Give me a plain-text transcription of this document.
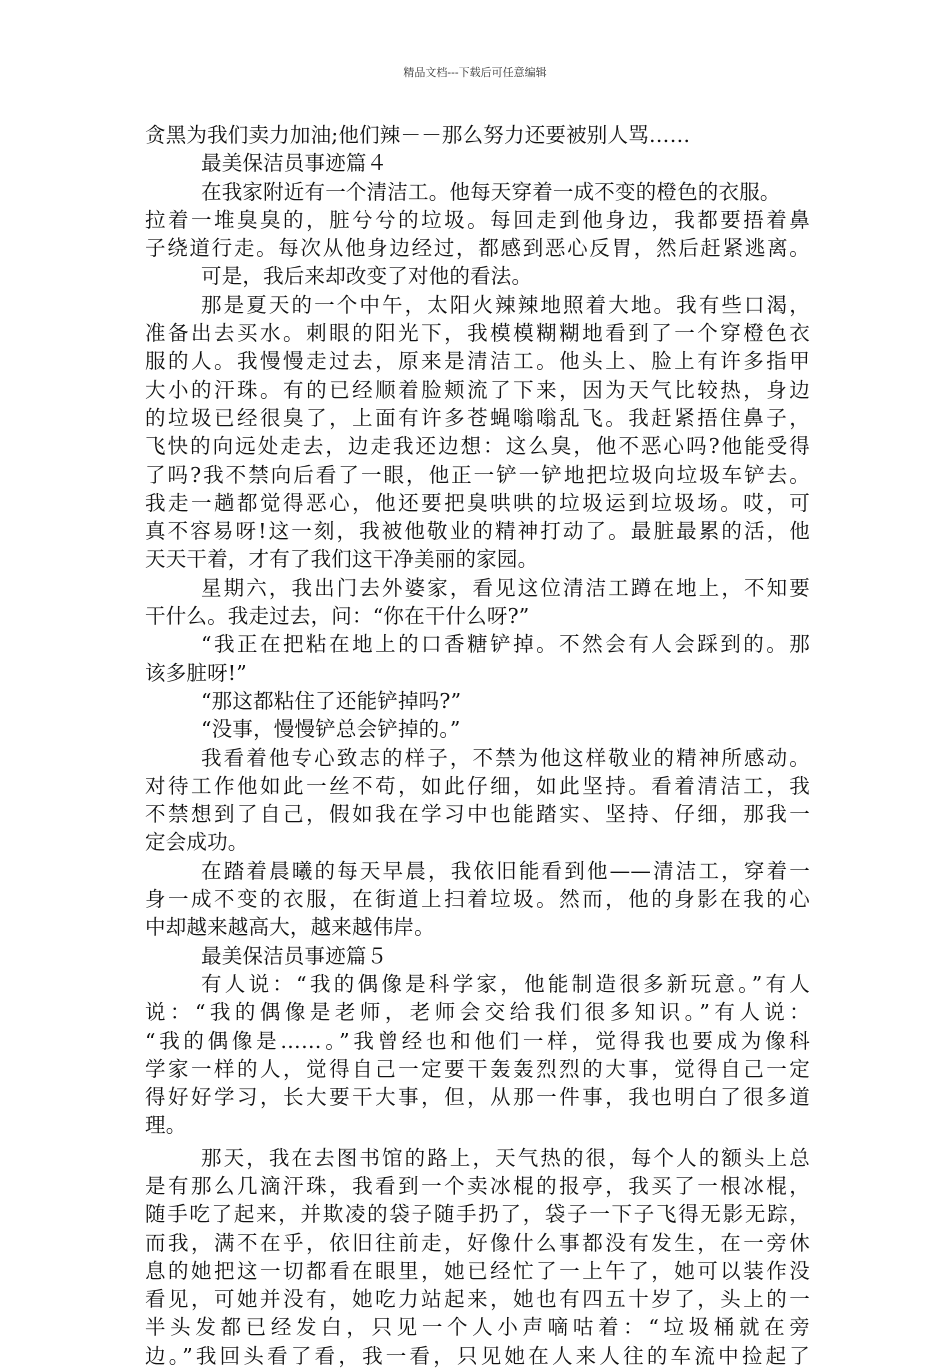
精品文档---下载后可任意编辑
贪黑为我们卖力加油;他们辣－－那么努力还要被别人骂……
最美保洁员事迹篇４
在我家附近有一个清洁工。他每天穿着一成不变的橙色的衣服。
拉着一堆臭臭的，脏兮兮的垃圾。每回走到他身边，我都要捂着鼻
子绕道行走。每次从他身边经过，都感到恶心反胃，然后赶紧逃离。
可是，我后来却改变了对他的看法。
那是夏天的一个中午，太阳火辣辣地照着大地。我有些口渴，
准备出去买水。刺眼的阳光下，我模模糊糊地看到了一个穿橙色衣
服的人。我慢慢走过去，原来是清洁工。他头上、脸上有许多指甲
大小的汗珠。有的已经顺着脸颊流了下来，因为天气比较热，身边
的垃圾已经很臭了，上面有许多苍蝇嗡嗡乱飞。我赶紧捂住鼻子，
飞快的向远处走去，边走我还边想：这么臭，他不恶心吗?他能受得
了吗?我不禁向后看了一眼，他正一铲一铲地把垃圾向垃圾车铲去。
我走一趟都觉得恶心，他还要把臭哄哄的垃圾运到垃圾场。哎，可
真不容易呀!这一刻，我被他敬业的精神打动了。最脏最累的活，他
天天干着，才有了我们这干净美丽的家园。
星期六，我出门去外婆家，看见这位清洁工蹲在地上，不知要
干什么。我走过去，问：“你在干什么呀?”
“我正在把粘在地上的口香糖铲掉。不然会有人会踩到的。那
该多脏呀!”
“那这都粘住了还能铲掉吗?”
“没事，慢慢铲总会铲掉的。”
我看着他专心致志的样子，不禁为他这样敬业的精神所感动。
对待工作他如此一丝不苟，如此仔细，如此坚持。看着清洁工，我
不禁想到了自己，假如我在学习中也能踏实、坚持、仔细，那我一
定会成功。
在踏着晨曦的每天早晨，我依旧能看到他——清洁工，穿着一
身一成不变的衣服，在街道上扫着垃圾。然而，他的身影在我的心
中却越来越高大，越来越伟岸。
最美保洁员事迹篇５
有人说：“我的偶像是科学家，他能制造很多新玩意。”有人
说：“我的偶像是老师，老师会交给我们很多知识。”有人说：
“我的偶像是……。”我曾经也和他们一样，觉得我也要成为像科
学家一样的人，觉得自己一定要干轰轰烈烈的大事，觉得自己一定
得好好学习，长大要干大事，但，从那一件事，我也明白了很多道
理。
那天，我在去图书馆的路上，天气热的很，每个人的额头上总
是有那么几滴汗珠，我看到一个卖冰棍的报亭，我买了一根冰棍，
随手吃了起来，并欺凌的袋子随手扔了，袋子一下子飞得无影无踪，
而我，满不在乎，依旧往前走，好像什么事都没有发生，在一旁休
息的她把这一切都看在眼里，她已经忙了一上午了，她可以装作没
看见，可她并没有，她吃力站起来，她也有四五十岁了，头上的一
半头发都已经发白，只见一个人小声嘀咕着：“垃圾桶就在旁
边。”我回头看了看，我一看，只见她在人来人往的车流中捡起了
